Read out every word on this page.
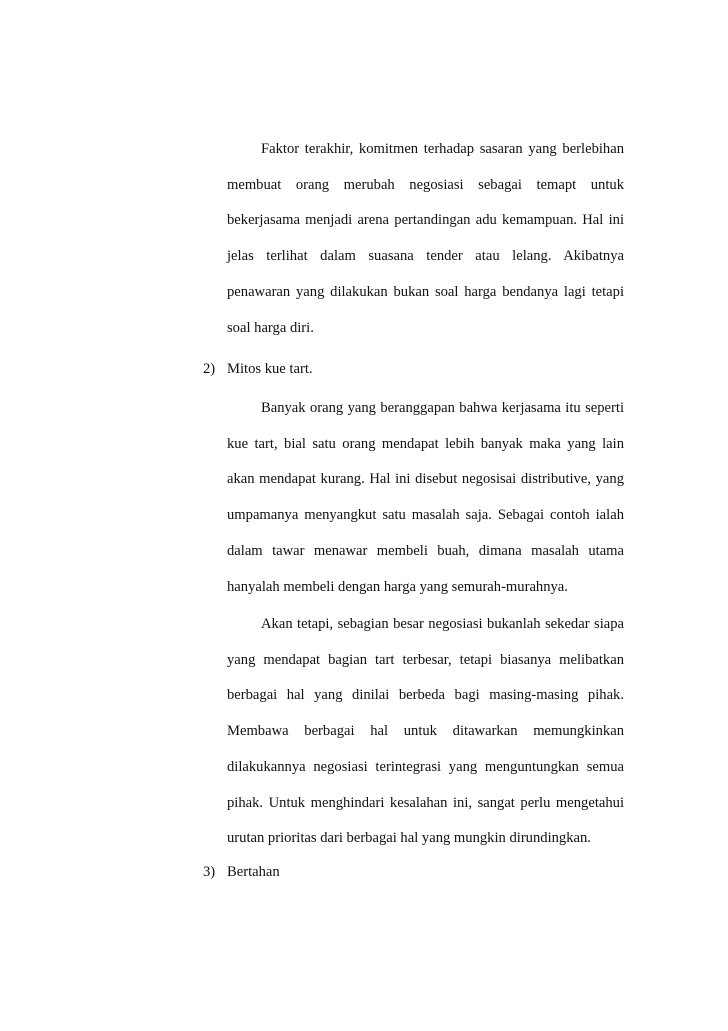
Faktor terakhir, komitmen terhadap sasaran yang berlebihan membuat orang merubah negosiasi sebagai temapt untuk bekerjasama menjadi arena pertandingan adu kemampuan. Hal ini jelas terlihat dalam suasana tender atau lelang. Akibatnya penawaran yang dilakukan bukan soal harga bendanya lagi tetapi soal harga diri.

2) Mitos kue tart.

Banyak orang yang beranggapan bahwa kerjasama itu seperti kue tart, bial satu orang mendapat lebih banyak maka yang lain akan mendapat kurang. Hal ini disebut negosisai distributive, yang umpamanya menyangkut satu masalah saja. Sebagai contoh ialah dalam tawar menawar membeli buah, dimana masalah utama hanyalah membeli dengan harga yang semurah-murahnya.

Akan tetapi, sebagian besar negosiasi bukanlah sekedar siapa yang mendapat bagian tart terbesar, tetapi biasanya melibatkan berbagai hal yang dinilai berbeda bagi masing-masing pihak. Membawa berbagai hal untuk ditawarkan memungkinkan dilakukannya negosiasi terintegrasi yang menguntungkan semua pihak. Untuk menghindari kesalahan ini, sangat perlu mengetahui urutan prioritas dari berbagai hal yang mungkin dirundingkan.

3) Bertahan
